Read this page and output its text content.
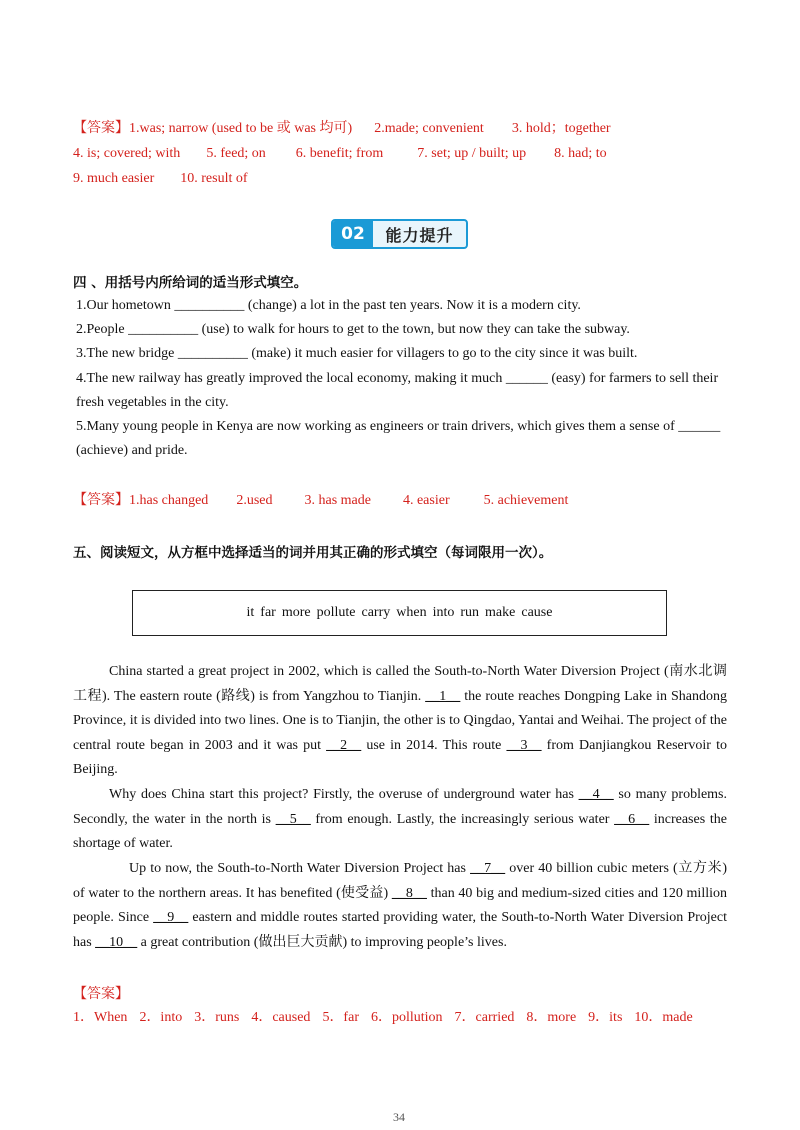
【答案】1.was; narrow (used to be 或 was 均可) 2.made; convenient 3. hold；together
4. is; covered; with 5. feed; on 6. benefit; from 7. set; up / built; up 8. had; to
9. much easier 10. result of
02	能力提升
四 、用括号内所给词的适当形式填空。
1.Our hometown __________ (change) a lot in the past ten years. Now it is a modern city.
2.People __________ (use) to walk for hours to get to the town, but now they can take the subway.
3.The new bridge __________ (make) it much easier for villagers to go to the city since it was built.
4.The new railway has greatly improved the local economy, making it much ______ (easy) for farmers to sell their
fresh vegetables in the city.
5.Many young people in Kenya are now working as engineers or train drivers, which gives them a sense of ______
(achieve) and pride.
【答案】1.has changed 2.used 3. has made 4. easier 5. achievement
五、阅读短文，从方框中选择适当的词并用其正确的形式填空（每词限用一次）。
it far more pollute carry when into run make cause
China started a great project in 2002, which is called the South-to-North Water Diversion Project (南水北调工程). The eastern route (路线) is from Yangzhou to Tianjin. __1__ the route reaches Dongping Lake in Shandong Province, it is divided into two lines. One is to Tianjin, the other is to Qingdao, Yantai and Weihai. The project of the central route began in 2003 and it was put __2__ use in 2014. This route __3__ from Danjiangkou Reservoir to Beijing.
Why does China start this project? Firstly, the overuse of underground water has __4__ so many problems. Secondly, the water in the north is __5__ from enough. Lastly, the increasingly serious water __6__ increases the shortage of water.
Up to now, the South-to-North Water Diversion Project has __7__ over 40 billion cubic meters (立方米) of water to the northern areas. It has benefited (使受益) __8__ than 40 big and medium-sized cities and 120 million people. Since __9__ eastern and middle routes started providing water, the South-to-North Water Diversion Project has __10__ a great contribution (做出巨大贡献) to improving people’s lives.
【答案】
1．When 2．into 3．runs 4．caused 5．far 6．pollution 7．carried 8．more 9．its 10．made
34
